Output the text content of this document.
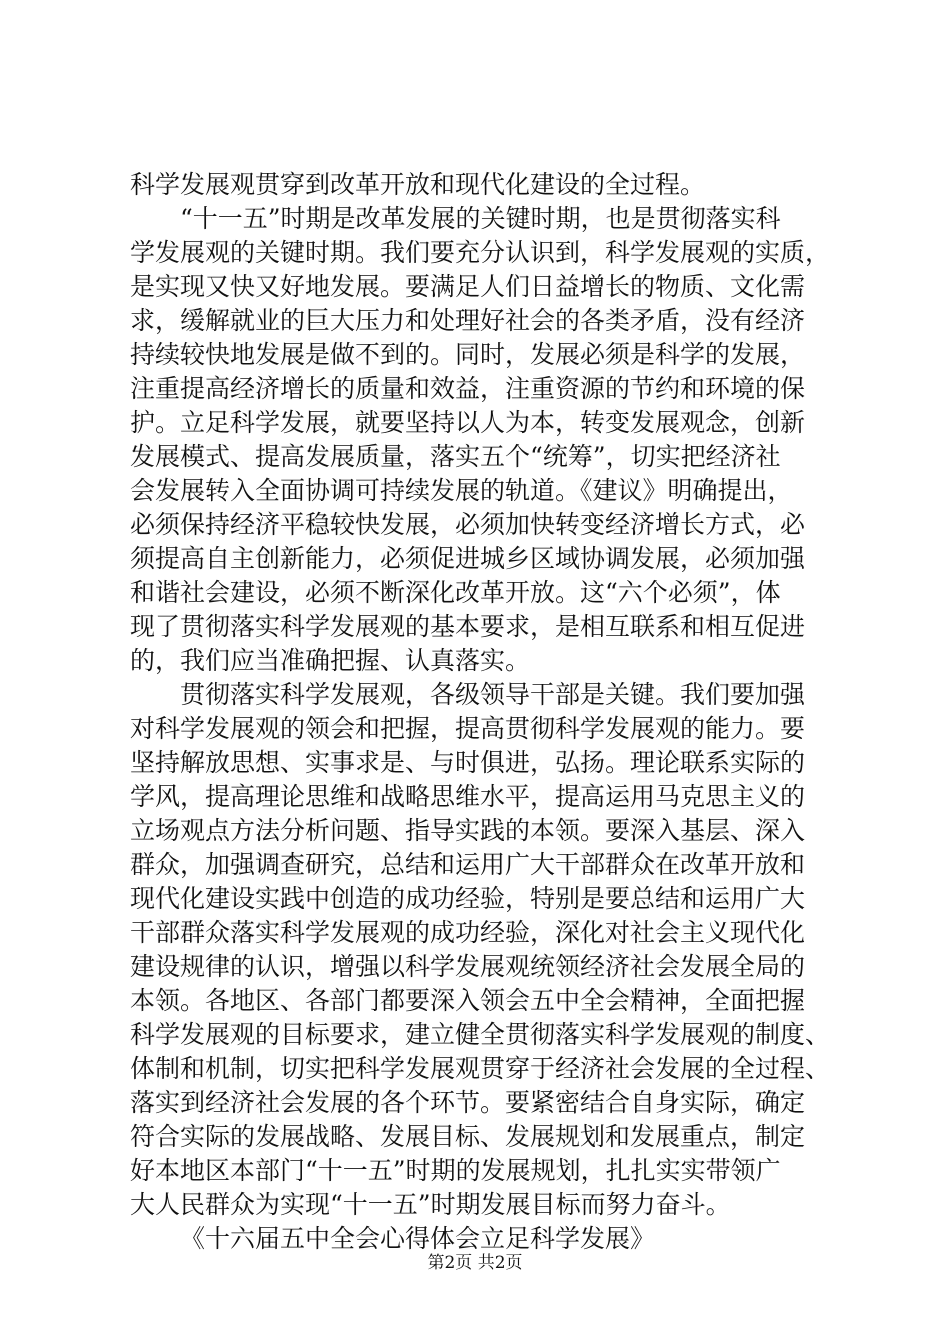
科学发展观贯穿到改革开放和现代化建设的全过程。
“十一五”时期是改革发展的关键时期，也是贯彻落实科
学发展观的关键时期。我们要充分认识到，科学发展观的实质，
是实现又快又好地发展。要满足人们日益增长的物质、文化需
求，缓解就业的巨大压力和处理好社会的各类矛盾，没有经济
持续较快地发展是做不到的。同时，发展必须是科学的发展，
注重提高经济增长的质量和效益，注重资源的节约和环境的保
护。立足科学发展，就要坚持以人为本，转变发展观念，创新
发展模式、提高发展质量，落实五个“统筹”，切实把经济社
会发展转入全面协调可持续发展的轨道。《建议》明确提出，
必须保持经济平稳较快发展，必须加快转变经济增长方式，必
须提高自主创新能力，必须促进城乡区域协调发展，必须加强
和谐社会建设，必须不断深化改革开放。这“六个必须”，体
现了贯彻落实科学发展观的基本要求，是相互联系和相互促进
的，我们应当准确把握、认真落实。
贯彻落实科学发展观，各级领导干部是关键。我们要加强
对科学发展观的领会和把握，提高贯彻科学发展观的能力。要
坚持解放思想、实事求是、与时俱进，弘扬。理论联系实际的
学风，提高理论思维和战略思维水平，提高运用马克思主义的
立场观点方法分析问题、指导实践的本领。要深入基层、深入
群众，加强调查研究，总结和运用广大干部群众在改革开放和
现代化建设实践中创造的成功经验，特别是要总结和运用广大
干部群众落实科学发展观的成功经验，深化对社会主义现代化
建设规律的认识，增强以科学发展观统领经济社会发展全局的
本领。各地区、各部门都要深入领会五中全会精神，全面把握
科学发展观的目标要求，建立健全贯彻落实科学发展观的制度、
体制和机制，切实把科学发展观贯穿于经济社会发展的全过程、
落实到经济社会发展的各个环节。要紧密结合自身实际，确定
符合实际的发展战略、发展目标、发展规划和发展重点，制定
好本地区本部门“十一五”时期的发展规划，扎扎实实带领广
大人民群众为实现“十一五”时期发展目标而努力奋斗。
《十六届五中全会心得体会立足科学发展》
第2页 共2页
